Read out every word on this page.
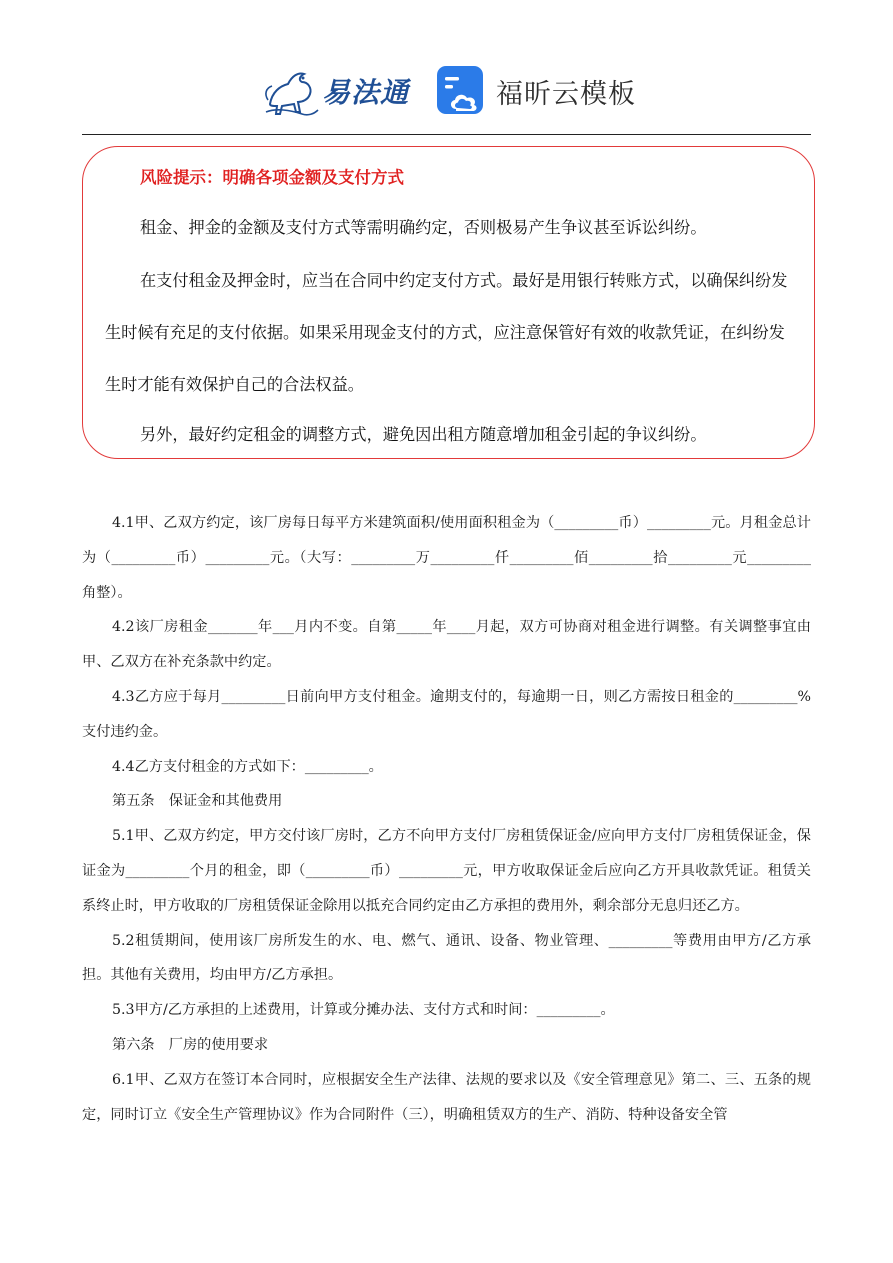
易法通	福昕云模板
风险提示：明确各项金额及支付方式
租金、押金的金额及支付方式等需明确约定，否则极易产生争议甚至诉讼纠纷。
在支付租金及押金时，应当在合同中约定支付方式。最好是用银行转账方式，以确保纠纷发生时候有充足的支付依据。如果采用现金支付的方式，应注意保管好有效的收款凭证，在纠纷发生时才能有效保护自己的合法权益。
另外，最好约定租金的调整方式，避免因出租方随意增加租金引起的争议纠纷。

4.1甲、乙双方约定，该厂房每日每平方米建筑面积/使用面积租金为（_________币）_________元。月租金总计为（_________币）_________元。（大写：_________万_________仟_________佰_________拾_________元_________角整）。

4.2该厂房租金_______年___月内不变。自第_____年____月起，双方可协商对租金进行调整。有关调整事宜由甲、乙双方在补充条款中约定。

4.3乙方应于每月_________日前向甲方支付租金。逾期支付的，每逾期一日，则乙方需按日租金的_________%支付违约金。

4.4乙方支付租金的方式如下：_________。

第五条　保证金和其他费用

5.1甲、乙双方约定，甲方交付该厂房时，乙方不向甲方支付厂房租赁保证金/应向甲方支付厂房租赁保证金，保证金为_________个月的租金，即（_________币）_________元，甲方收取保证金后应向乙方开具收款凭证。租赁关系终止时，甲方收取的厂房租赁保证金除用以抵充合同约定由乙方承担的费用外，剩余部分无息归还乙方。

5.2租赁期间，使用该厂房所发生的水、电、燃气、通讯、设备、物业管理、_________等费用由甲方/乙方承担。其他有关费用，均由甲方/乙方承担。

5.3甲方/乙方承担的上述费用，计算或分摊办法、支付方式和时间：_________。

第六条　厂房的使用要求

6.1甲、乙双方在签订本合同时，应根据安全生产法律、法规的要求以及《安全管理意见》第二、三、五条的规定，同时订立《安全生产管理协议》作为合同附件（三），明确租赁双方的生产、消防、特种设备安全管
